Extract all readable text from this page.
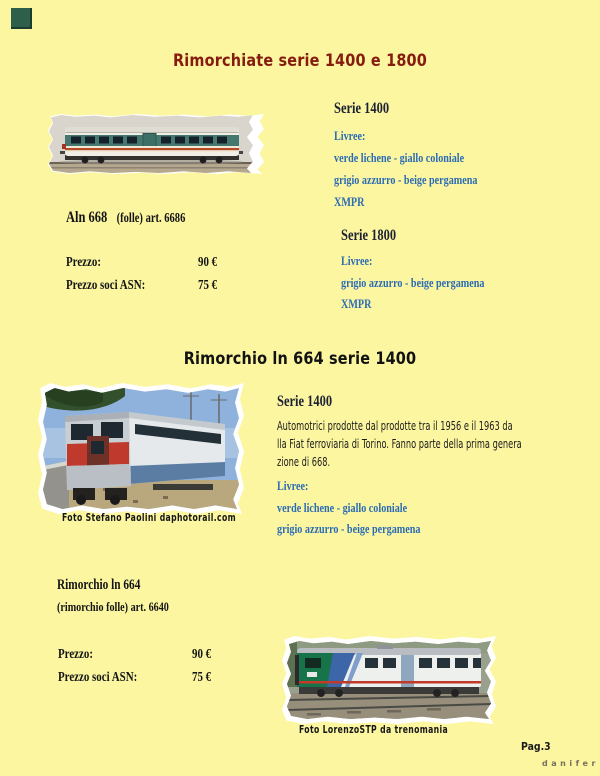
Rimorchiate serie 1400 e 1800
Serie 1400
Livree:
verde lichene - giallo coloniale
grigio azzurro - beige pergamena
XMPR
Serie 1800
Livree:
grigio azzurro - beige pergamena
XMPR
Aln 668   (folle) art. 6686
Prezzo:	90 €
Prezzo soci ASN:	75 €
Rimorchio ln 664 serie 1400
Foto Stefano Paolini daphotorail.com
Serie 1400
Automotrici prodotte dal prodotte tra il 1956 e il 1963 da
lla Fiat ferroviaria di Torino. Fanno parte della prima genera
zione di 668.
Livree:
verde lichene - giallo coloniale
grigio azzurro - beige pergamena
Rimorchio ln 664
(rimorchio folle) art. 6640
Prezzo:	90 €
Prezzo soci ASN:	75 €
Foto LorenzoSTP da trenomania
Pag.3
danifer
